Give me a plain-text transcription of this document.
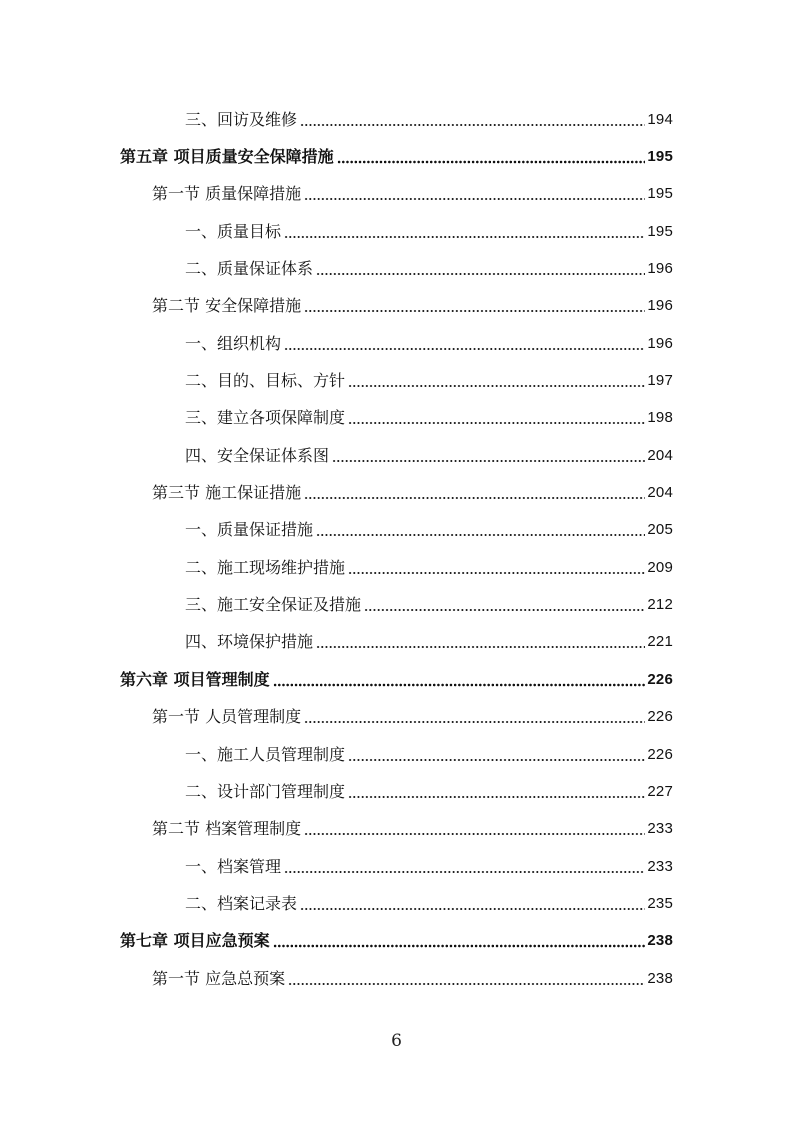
三、回访及维修	194
第五章 项目质量安全保障措施	195
第一节 质量保障措施	195
一、质量目标	195
二、质量保证体系	196
第二节 安全保障措施	196
一、组织机构	196
二、目的、目标、方针	197
三、建立各项保障制度	198
四、安全保证体系图	204
第三节 施工保证措施	204
一、质量保证措施	205
二、施工现场维护措施	209
三、施工安全保证及措施	212
四、环境保护措施	221
第六章 项目管理制度	226
第一节 人员管理制度	226
一、施工人员管理制度	226
二、设计部门管理制度	227
第二节 档案管理制度	233
一、档案管理	233
二、档案记录表	235
第七章 项目应急预案	238
第一节 应急总预案	238
6
